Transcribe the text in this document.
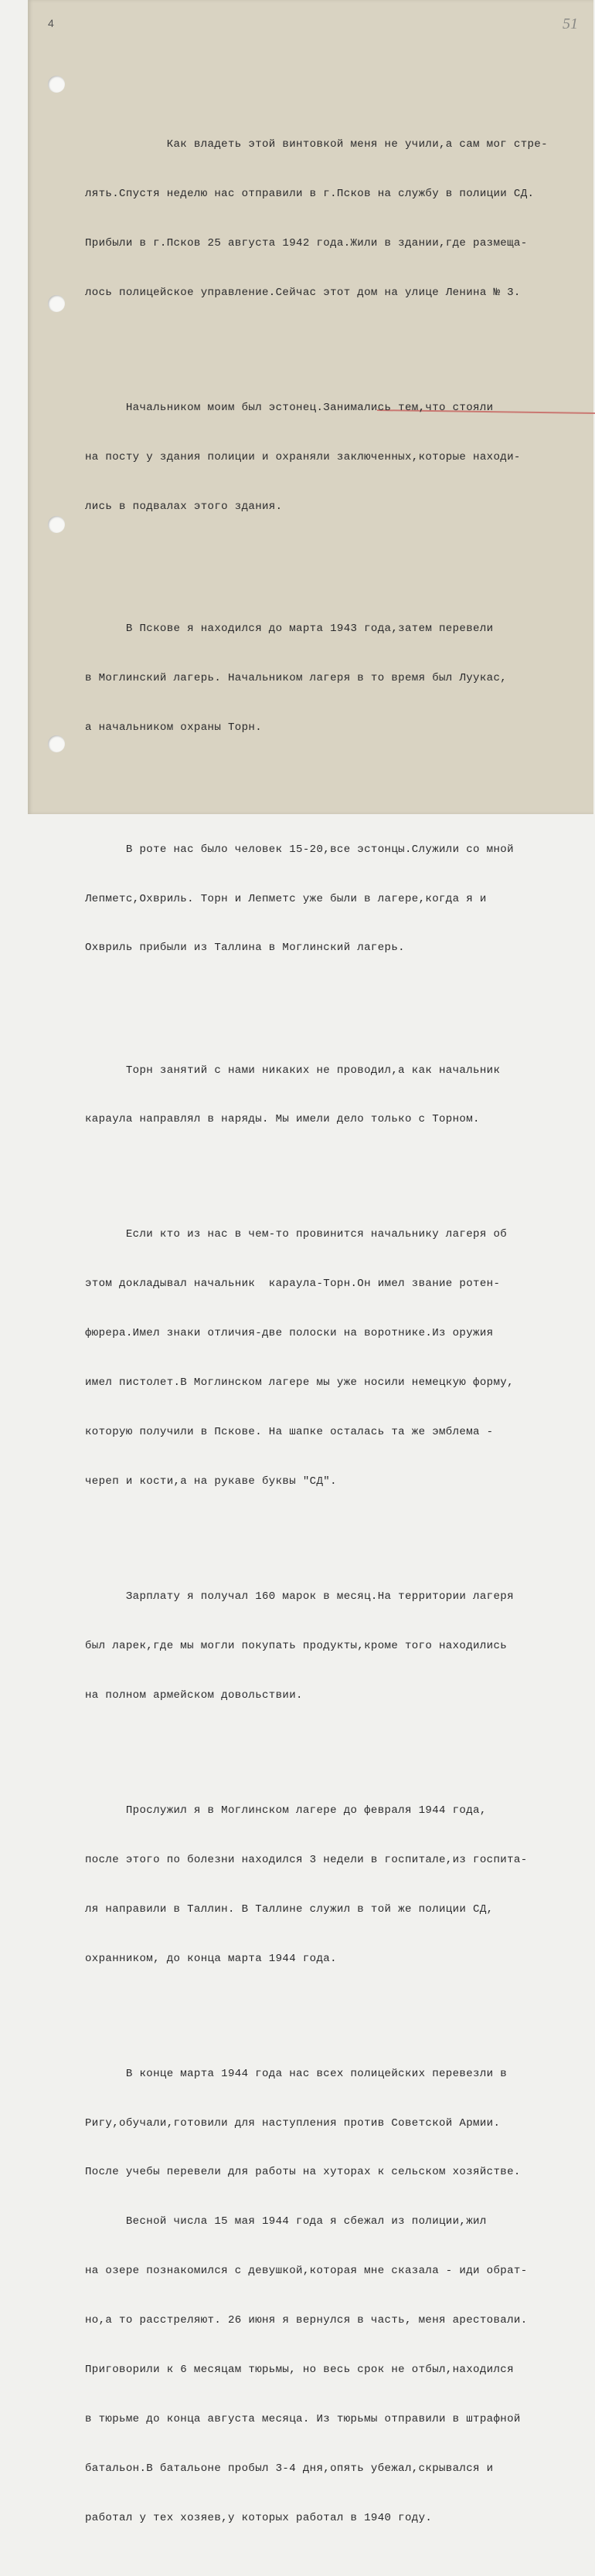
4	51

Как владеть этой винтовкой меня не учили,а сам мог стре-

лять.Спустя неделю нас отправили в г.Псков на службу в полиции СД.

Прибыли в г.Псков 25 августа 1942 года.Жили в здании,где размеща-

лось полицейское управление.Сейчас этот дом на улице Ленина № 3.

Начальником моим был эстонец.Занимались тем,что стояли

на посту у здания полиции и охраняли заключенных,которые находи-

лись в подвалах этого здания.

В Пскове я находился до марта 1943 года,затем перевели

в Моглинский лагерь. Начальником лагеря в то время был Луукас,

а начальником охраны Торн.

В роте нас было человек 15-20,все эстонцы.Служили со мной

Лепметс,Охвриль. Торн и Лепметс уже были в лагере,когда я и

Охвриль прибыли из Таллина в Моглинский лагерь.

Торн занятий с нами никаких не проводил,а как начальник

караула направлял в наряды. Мы имели дело только с Торном.

Если кто из нас в чем-то провинится начальнику лагеря об

этом докладывал начальник  караула-Торн.Он имел звание ротен-

фюрера.Имел знаки отличия-две полоски на воротнике.Из оружия

имел пистолет.В Моглинском лагере мы уже носили немецкую форму,

которую получили в Пскове. На шапке осталась та же эмблема -

череп и кости,а на рукаве буквы "СД".

Зарплату я получал 160 марок в месяц.На территории лагеря

был ларек,где мы могли покупать продукты,кроме того находились

на полном армейском довольствии.

Прослужил я в Моглинском лагере до февраля 1944 года,

после этого по болезни находился 3 недели в госпитале,из госпита-

ля направили в Таллин. В Таллине служил в той же полиции СД,

охранником, до конца марта 1944 года.

В конце марта 1944 года нас всех полицейских перевезли в

Ригу,обучали,готовили для наступления против Советской Армии.

После учебы перевели для работы на хуторах к сельском хозяйстве.

Весной числа 15 мая 1944 года я сбежал из полиции,жил

на озере познакомился с девушкой,которая мне сказала - иди обрат-

но,а то расстреляют. 26 июня я вернулся в часть, меня арестовали.

Приговорили к 6 месяцам тюрьмы, но весь срок не отбыл,находился

в тюрьме до конца августа месяца. Из тюрьмы отправили в штрафной

батальон.В батальоне пробыл 3-4 дня,опять убежал,скрывался и

работал у тех хозяев,у которых работал в 1940 году.
